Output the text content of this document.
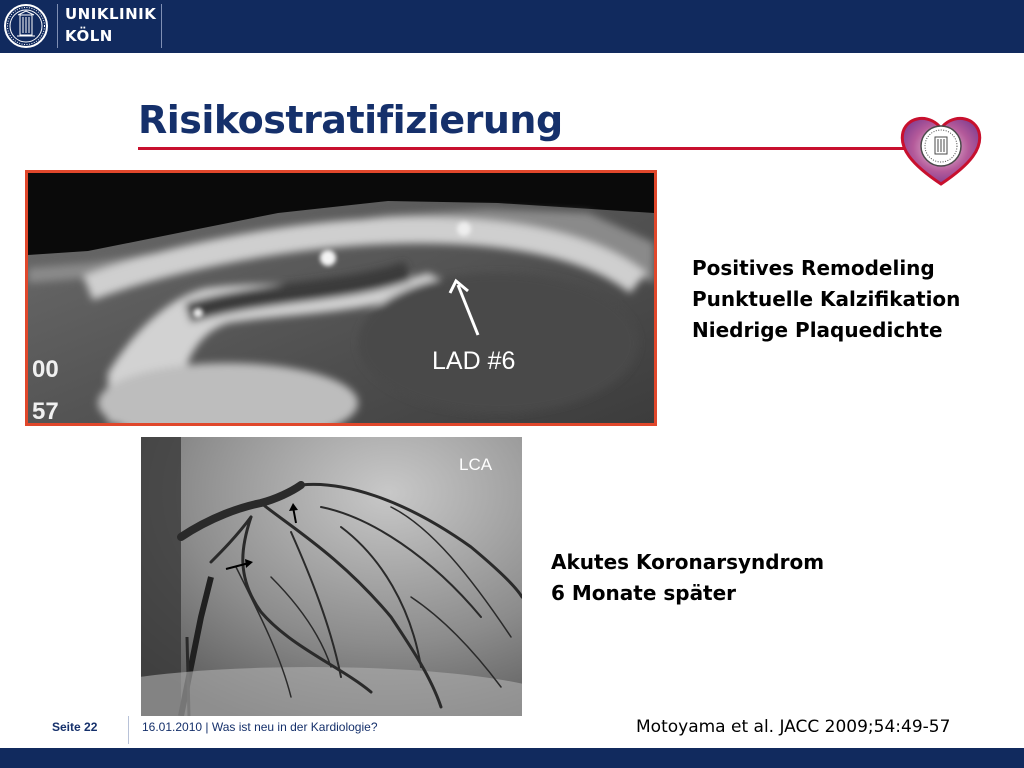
UNIKLINIK
KÖLN
Risikostratifizierung
LAD #6
00
57
LCA
Positives Remodeling
Punktuelle Kalzifikation
Niedrige Plaquedichte
Akutes Koronarsyndrom
6 Monate später
Motoyama et al. JACC 2009;54:49-57
Seite 22	16.01.2010 | Was ist neu in der Kardiologie?
